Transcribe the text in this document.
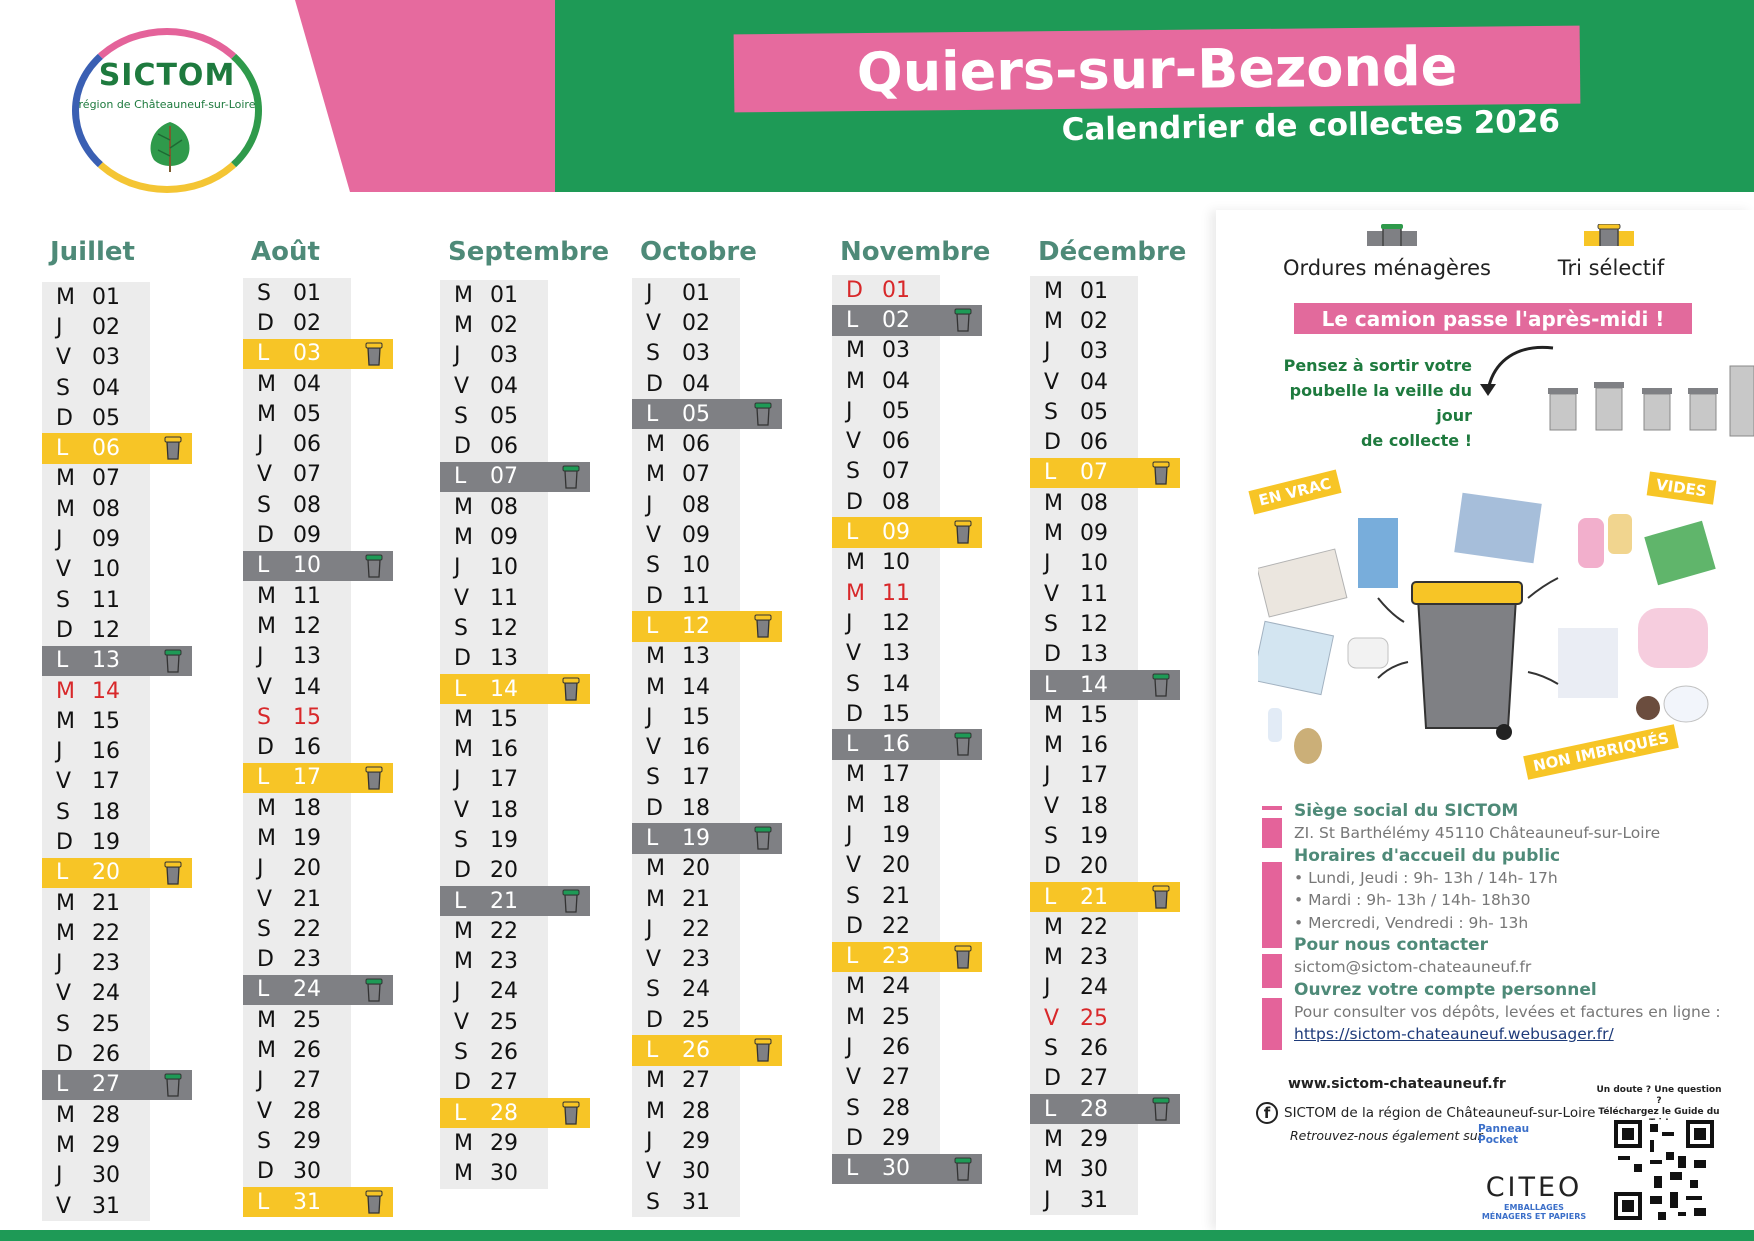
SICTOM
région de Châteauneuf-sur-Loire
Quiers-sur-Bezonde
Calendrier de collectes 2026
Juillet
M 01
J	02
V 03
S	04
D 05
L	06
M 07
M 08
J	09
V 10
S	11
D 12
L	13
M 14
M 15
J	16
V 17
S	18
D 19
L	20
M 21
M 22
J	23
V 24
S	25
D 26
L	27
M 28
M 29
J	30
V 31
Août
S	01
D 02
L	03
M 04
M 05
J	06
V 07
S	08
D 09
L	10
M 11
M 12
J	13
V 14
S	15
D 16
L	17
M 18
M 19
J	20
V 21
S	22
D 23
L	24
M 25
M 26
J	27
V 28
S	29
D 30
L	31
Septembre
M 01
M 02
J	03
V 04
S	05
D 06
L	07
M 08
M 09
J	10
V 11
S	12
D 13
L	14
M 15
M 16
J	17
V 18
S	19
D 20
L	21
M 22
M 23
J	24
V 25
S	26
D 27
L	28
M 29
M 30
Octobre
J	01
V 02
S	03
D 04
L	05
M 06
M 07
J	08
V 09
S	10
D 11
L	12
M 13
M 14
J	15
V 16
S	17
D 18
L	19
M 20
M 21
J	22
V 23
S	24
D 25
L	26
M 27
M 28
J	29
V 30
S	31
Novembre
D 01
L	02
M 03
M 04
J	05
V 06
S	07
D 08
L	09
M 10
M 11
J	12
V 13
S	14
D 15
L	16
M 17
M 18
J	19
V 20
S	21
D 22
L	23
M 24
M 25
J	26
V 27
S	28
D 29
L	30
Décembre
M 01
M 02
J	03
V 04
S	05
D 06
L	07
M 08
M 09
J	10
V 11
S	12
D 13
L	14
M 15
M 16
J	17
V 18
S	19
D 20
L	21
M 22
M 23
J	24
V 25
S	26
D 27
L	28
M 29
M 30
J	31
Ordures ménagères	Tri sélectif
Le camion passe l'après-midi !
Pensez à sortir votre
poubelle la veille du jour
de collecte !
EN VRAC	VIDES
NON IMBRIQUÉS
Siège social du SICTOM
ZI. St Barthélémy 45110 Châteauneuf-sur-Loire
Horaires d'accueil du public
• Lundi, Jeudi : 9h- 13h / 14h- 17h
• Mardi : 9h- 13h / 14h- 18h30
• Mercredi, Vendredi : 9h- 13h
Pour nous contacter
sictom@sictom-chateauneuf.fr
Ouvrez votre compte personnel
Pour consulter vos dépôts, levées et factures en ligne :
https://sictom-chateauneuf.webusager.fr/
www.sictom-chateauneuf.fr
f	SICTOM de la région de Châteauneuf-sur-Loire
Retrouvez-nous également sur
Panneau
Pocket
Un doute ? Une question ?
Téléchargez le Guide du
CITEO
EMBALLAGES
MÉNAGERS ET PAPIERS
